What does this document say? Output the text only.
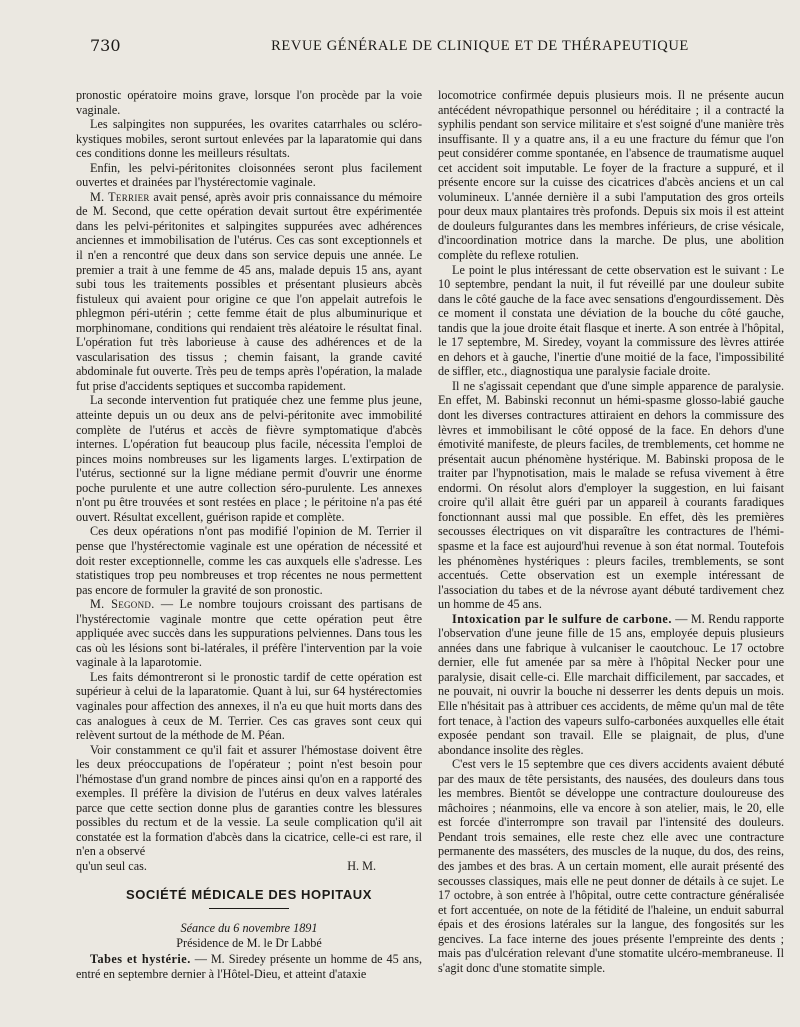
730	REVUE GÉNÉRALE DE CLINIQUE ET DE THÉRAPEUTIQUE

pronostic opératoire moins grave, lorsque l'on procède par la voie vaginale.

Les salpingites non suppurées, les ovarites catarrhales ou scléro-kystiques mobiles, seront surtout enlevées par la laparatomie qui dans ces conditions donne les meilleurs résultats.

Enfin, les pelvi-péritonites cloisonnées seront plus facilement ouvertes et drainées par l'hystérectomie vaginale.

M. Terrier avait pensé, après avoir pris connaissance du mémoire de M. Second, que cette opération devait surtout être expérimentée dans les pelvi-péritonites et salpingites suppurées avec adhérences anciennes et immobilisation de l'utérus. Ces cas sont exceptionnels et il n'en a rencontré que deux dans son service depuis une année. Le premier a trait à une femme de 45 ans, malade depuis 15 ans, ayant subi tous les traitements possibles et présentant plusieurs abcès fistuleux qui avaient pour origine ce que l'on appelait autrefois le phlegmon péri-utérin ; cette femme était de plus albuminurique et morphinomane, conditions qui rendaient très aléatoire le résultat final. L'opération fut très laborieuse à cause des adhérences et de la vascularisation des tissus ; chemin faisant, la grande cavité abdominale fut ouverte. Très peu de temps après l'opération, la malade fut prise d'accidents septiques et succomba rapidement.

La seconde intervention fut pratiquée chez une femme plus jeune, atteinte depuis un ou deux ans de pelvi-péritonite avec immobilité complète de l'utérus et accès de fièvre symptomatique d'abcès internes. L'opération fut beaucoup plus facile, nécessita l'emploi de pinces moins nombreuses sur les ligaments larges. L'extirpation de l'utérus, sectionné sur la ligne médiane permit d'ouvrir une énorme poche purulente et une autre collection séro-purulente. Les annexes n'ont pu être trouvées et sont restées en place ; le péritoine n'a pas été ouvert. Résultat excellent, guérison rapide et complète.

Ces deux opérations n'ont pas modifié l'opinion de M. Terrier il pense que l'hystérectomie vaginale est une opération de nécessité et doit rester exceptionnelle, comme les cas auxquels elle s'adresse. Les statistiques trop peu nombreuses et trop récentes ne nous permettent pas encore de formuler la gravité de son pronostic.

M. Segond. — Le nombre toujours croissant des partisans de l'hystérectomie vaginale montre que cette opération peut être appliquée avec succès dans les suppurations pelviennes. Dans tous les cas où les lésions sont bi-latérales, il préfère l'intervention par la voie vaginale à la laparotomie.

Les faits démontreront si le pronostic tardif de cette opération est supérieur à celui de la laparatomie. Quant à lui, sur 64 hystérectomies vaginales pour affection des annexes, il n'a eu que huit morts dans des cas analogues à ceux de M. Terrier. Ces cas graves sont ceux qui relèvent surtout de la méthode de M. Péan.

Voir constamment ce qu'il fait et assurer l'hémostase doivent être les deux préoccupations de l'opérateur ; point n'est besoin pour l'hémostase d'un grand nombre de pinces ainsi qu'on en a rapporté des exemples. Il préfère la division de l'utérus en deux valves latérales parce que cette section donne plus de garanties contre les blessures possibles du rectum et de la vessie. La seule complication qu'il ait constatée est la formation d'abcès dans la cicatrice, celle-ci est rare, il n'en a observé

qu'un seul cas.	H. M.

SOCIÉTÉ MÉDICALE DES HOPITAUX

Séance du 6 novembre 1891

Présidence de M. le Dr Labbé

Tabes et hystérie. — M. Siredey présente un homme de 45 ans, entré en septembre dernier à l'Hôtel-Dieu, et atteint d'ataxie

locomotrice confirmée depuis plusieurs mois. Il ne présente aucun antécédent névropathique personnel ou héréditaire ; il a contracté la syphilis pendant son service militaire et s'est soigné d'une manière très insuffisante. Il y a quatre ans, il a eu une fracture du fémur que l'on peut considérer comme spontanée, en l'absence de traumatisme auquel cet accident soit imputable. Le foyer de la fracture a suppuré, et il présente encore sur la cuisse des cicatrices d'abcès anciens et un cal volumineux. L'année dernière il a subi l'amputation des gros orteils pour deux maux plantaires très profonds. Depuis six mois il est atteint de douleurs fulgurantes dans les membres inférieurs, de crise vésicale, d'incoordination motrice dans la marche. De plus, une abolition complète du reflexe rotulien.

Le point le plus intéressant de cette observation est le suivant : Le 10 septembre, pendant la nuit, il fut réveillé par une douleur subite dans le côté gauche de la face avec sensations d'engourdissement. Dès ce moment il constata une déviation de la bouche du côté gauche, tandis que la joue droite était flasque et inerte. A son entrée à l'hôpital, le 17 septembre, M. Siredey, voyant la commissure des lèvres attirée en dehors et à gauche, l'inertie d'une moitié de la face, l'impossibilité de siffler, etc., diagnostiqua une paralysie faciale droite.

Il ne s'agissait cependant que d'une simple apparence de paralysie. En effet, M. Babinski reconnut un hémi-spasme glosso-labié gauche dont les diverses contractures attiraient en dehors la commissure des lèvres et immobilisant le côté opposé de la face. En dehors d'une émotivité manifeste, de pleurs faciles, de tremblements, cet homme ne présentait aucun phénomène hystérique. M. Babinski proposa de le traiter par l'hypnotisation, mais le malade se refusa vivement à être endormi. On résolut alors d'employer la suggestion, en lui faisant croire qu'il allait être guéri par un appareil à courants faradiques fonctionnant aussi mal que possible. En effet, dès les premières secousses électriques on vit disparaître les contractures de l'hémi-spasme et la face est aujourd'hui revenue à son état normal. Toutefois les phénomènes hystériques : pleurs faciles, tremblements, se sont accentués. Cette observation est un exemple intéressant de l'association du tabes et de la névrose ayant débuté tardivement chez un homme de 45 ans.

Intoxication par le sulfure de carbone. — M. Rendu rapporte l'observation d'une jeune fille de 15 ans, employée depuis plusieurs années dans une fabrique à vulcaniser le caoutchouc. Le 17 octobre dernier, elle fut amenée par sa mère à l'hôpital Necker pour une paralysie, disait celle-ci. Elle marchait difficilement, par saccades, et ne pouvait, ni ouvrir la bouche ni desserrer les dents depuis un mois. Elle n'hésitait pas à attribuer ces accidents, de même qu'un mal de tête fort tenace, à l'action des vapeurs sulfo-carbonées auxquelles elle était exposée pendant son travail. Elle se plaignait, de plus, d'une abondance insolite des règles.

C'est vers le 15 septembre que ces divers accidents avaient débuté par des maux de tête persistants, des nausées, des douleurs dans tous les membres. Bientôt se développe une contracture douloureuse des mâchoires ; néanmoins, elle va encore à son atelier, mais, le 20, elle est forcée d'interrompre son travail par l'intensité des douleurs. Pendant trois semaines, elle reste chez elle avec une contracture permanente des masséters, des muscles de la nuque, du dos, des reins, des jambes et des bras. A un certain moment, elle aurait présenté des secousses classiques, mais elle ne peut donner de détails à ce sujet. Le 17 octobre, à son entrée à l'hôpital, outre cette contracture généralisée et fort accentuée, on note de la fétidité de l'haleine, un enduit saburral épais et des érosions latérales sur la langue, des fongosités sur les gencives. La face interne des joues présente l'empreinte des dents ; mais pas d'ulcération relevant d'une stomatite ulcéro-membraneuse. Il s'agit donc d'une stomatite simple.
